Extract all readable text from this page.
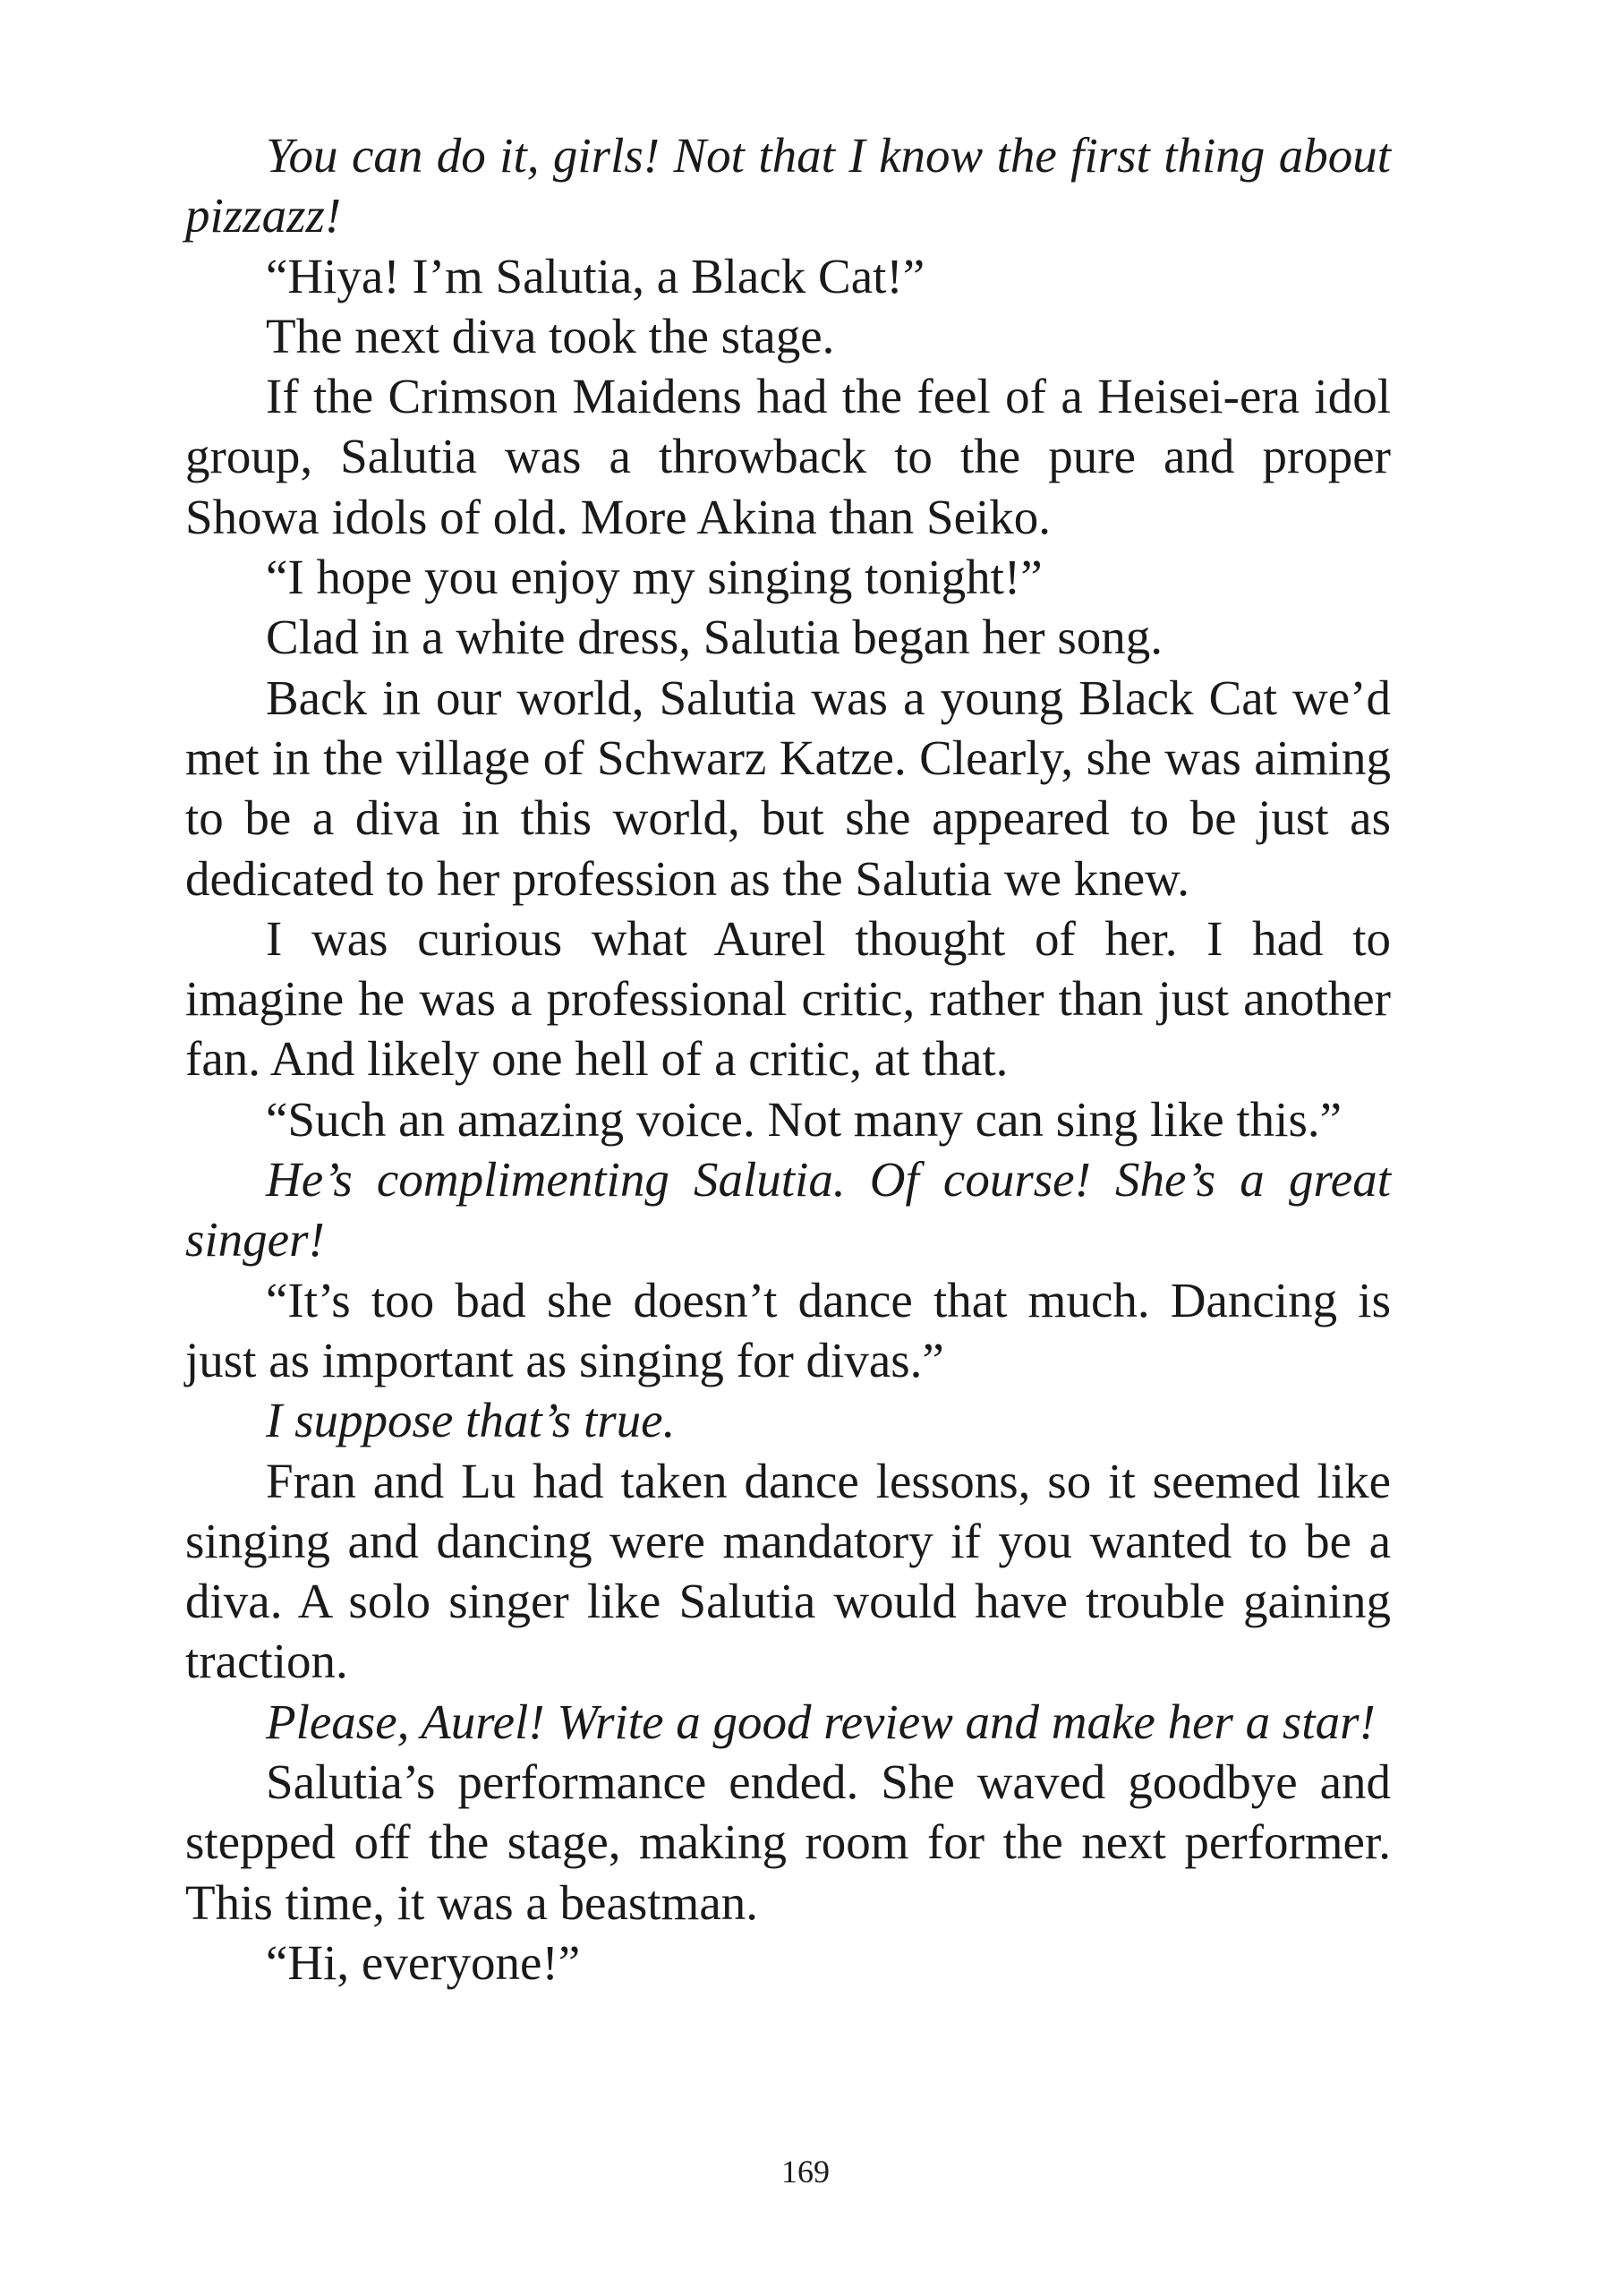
You can do it, girls! Not that I know the first thing about pizzazz!

“Hiya! I’m Salutia, a Black Cat!”

The next diva took the stage.

If the Crimson Maidens had the feel of a Heisei-era idol group, Salutia was a throwback to the pure and proper Showa idols of old. More Akina than Seiko.

“I hope you enjoy my singing tonight!”

Clad in a white dress, Salutia began her song.

Back in our world, Salutia was a young Black Cat we’d met in the village of Schwarz Katze. Clearly, she was aiming to be a diva in this world, but she appeared to be just as dedicated to her profession as the Salutia we knew.

I was curious what Aurel thought of her. I had to imagine he was a professional critic, rather than just another fan. And likely one hell of a critic, at that.

“Such an amazing voice. Not many can sing like this.”

He’s complimenting Salutia. Of course! She’s a great singer!

“It’s too bad she doesn’t dance that much. Dancing is just as important as singing for divas.”

I suppose that’s true.

Fran and Lu had taken dance lessons, so it seemed like singing and dancing were mandatory if you wanted to be a diva. A solo singer like Salutia would have trouble gaining traction.

Please, Aurel! Write a good review and make her a star!

Salutia’s performance ended. She waved goodbye and stepped off the stage, making room for the next performer. This time, it was a beastman.

“Hi, everyone!”

169
